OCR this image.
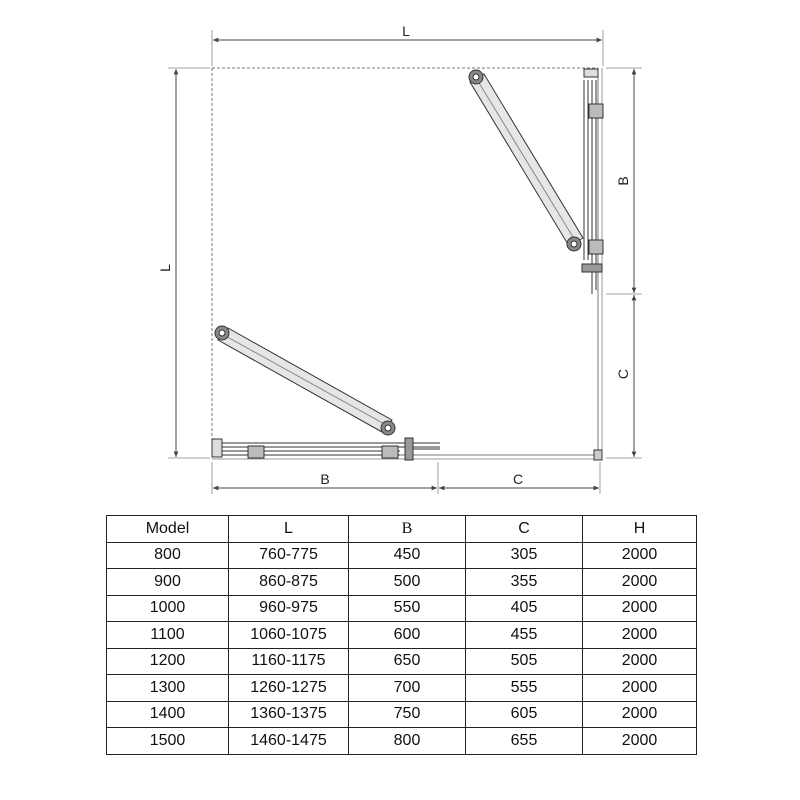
L
L
B
C
B	C
Model	L	B	C	H
800	760-775	450	305	2000
900	860-875	500	355	2000
1000	960-975	550	405	2000
1100	1060-1075	600	455	2000
1200	1160-1175	650	505	2000
1300	1260-1275	700	555	2000
1400	1360-1375	750	605	2000
1500	1460-1475	800	655	2000
